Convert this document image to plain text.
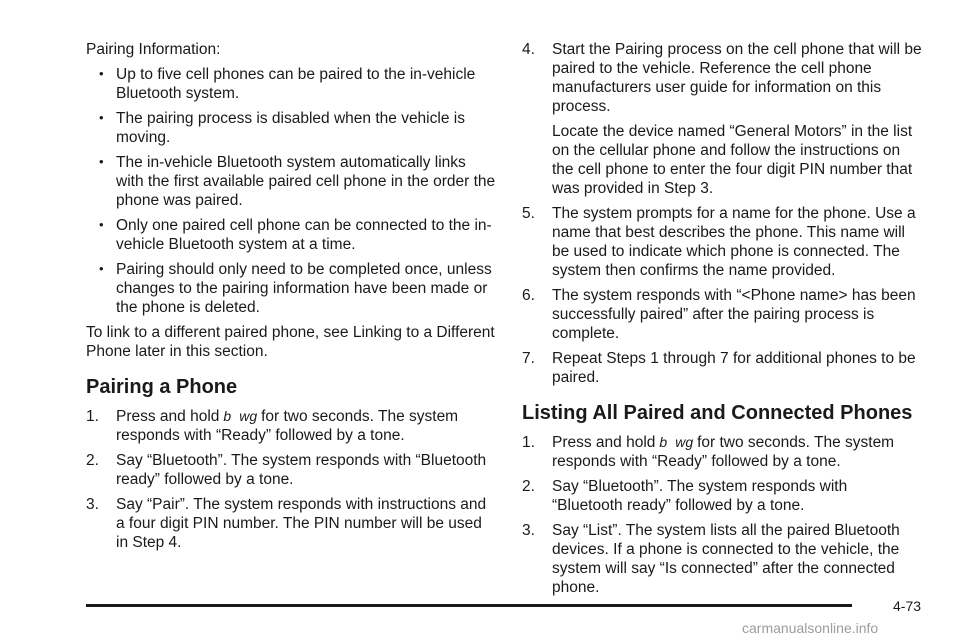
Pairing Information:

• Up to five cell phones can be paired to the in-vehicle Bluetooth system.
• The pairing process is disabled when the vehicle is moving.
• The in-vehicle Bluetooth system automatically links with the first available paired cell phone in the order the phone was paired.
• Only one paired cell phone can be connected to the in-vehicle Bluetooth system at a time.
• Pairing should only need to be completed once, unless changes to the pairing information have been made or the phone is deleted.

To link to a different paired phone, see Linking to a Different Phone later in this section.

Pairing a Phone
1. Press and hold b wg for two seconds. The system responds with “Ready” followed by a tone.
2. Say “Bluetooth”. The system responds with “Bluetooth ready” followed by a tone.
3. Say “Pair”. The system responds with instructions and a four digit PIN number. The PIN number will be used in Step 4.
4. Start the Pairing process on the cell phone that will be paired to the vehicle. Reference the cell phone manufacturers user guide for information on this process.
Locate the device named “General Motors” in the list on the cellular phone and follow the instructions on the cell phone to enter the four digit PIN number that was provided in Step 3.
5. The system prompts for a name for the phone. Use a name that best describes the phone. This name will be used to indicate which phone is connected. The system then confirms the name provided.
6. The system responds with “<Phone name> has been successfully paired” after the pairing process is complete.
7. Repeat Steps 1 through 7 for additional phones to be paired.
Listing All Paired and Connected Phones
1. Press and hold b wg for two seconds. The system responds with “Ready” followed by a tone.
2. Say “Bluetooth”. The system responds with “Bluetooth ready” followed by a tone.
3. Say “List”. The system lists all the paired Bluetooth devices. If a phone is connected to the vehicle, the system will say “Is connected” after the connected phone.
4-73
carmanualsonline.info
